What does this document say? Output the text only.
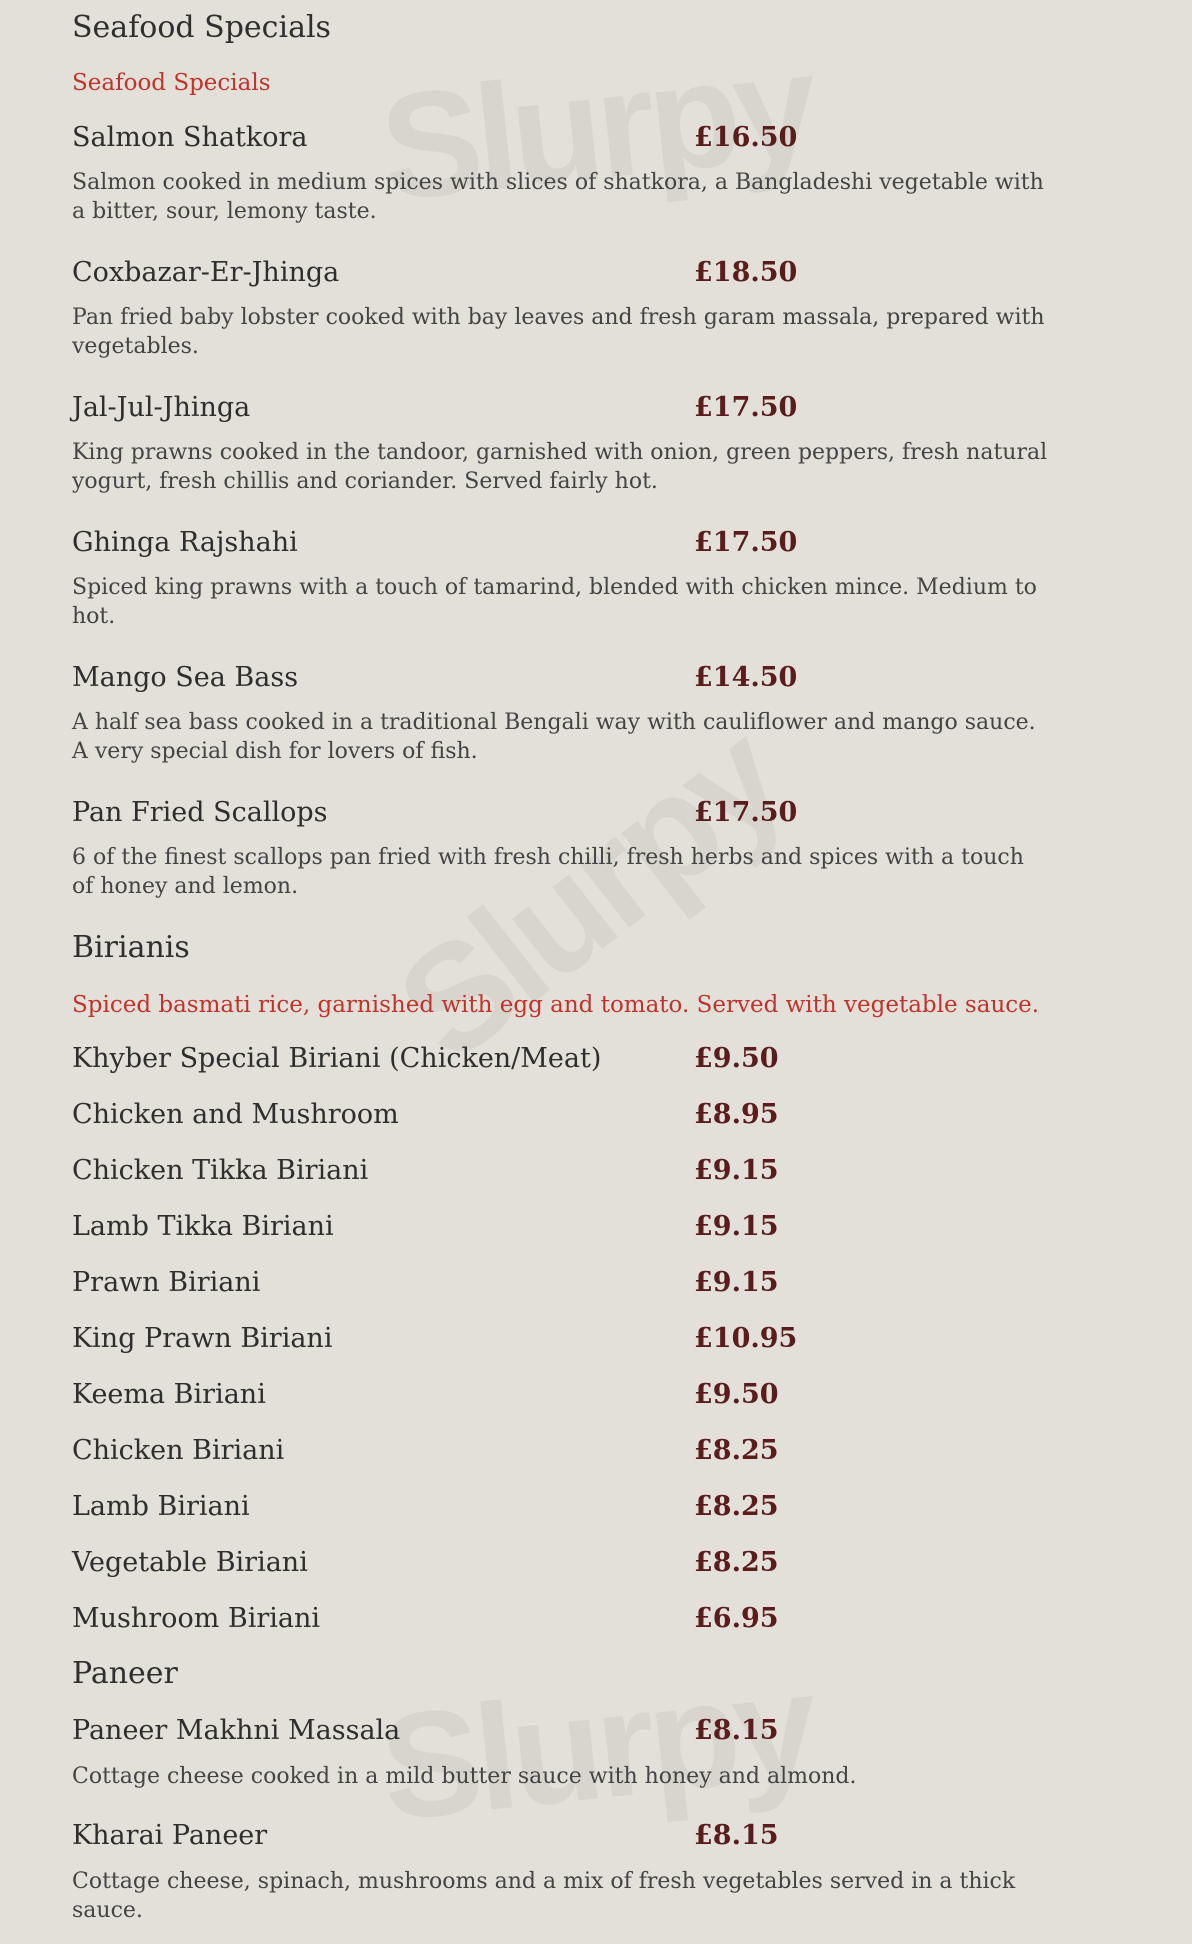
Seafood Specials
Seafood Specials
Salmon Shatkora	£16.50
Salmon cooked in medium spices with slices of shatkora, a Bangladeshi vegetable with a bitter, sour, lemony taste.
Coxbazar-Er-Jhinga	£18.50
Pan fried baby lobster cooked with bay leaves and fresh garam massala, prepared with vegetables.
Jal-Jul-Jhinga	£17.50
King prawns cooked in the tandoor, garnished with onion, green peppers, fresh natural yogurt, fresh chillis and coriander. Served fairly hot.
Ghinga Rajshahi	£17.50
Spiced king prawns with a touch of tamarind, blended with chicken mince. Medium to hot.
Mango Sea Bass	£14.50
A half sea bass cooked in a traditional Bengali way with cauliflower and mango sauce. A very special dish for lovers of fish.
Pan Fried Scallops	£17.50
6 of the finest scallops pan fried with fresh chilli, fresh herbs and spices with a touch of honey and lemon.
Birianis
Spiced basmati rice, garnished with egg and tomato. Served with vegetable sauce.
Khyber Special Biriani (Chicken/Meat)	£9.50
Chicken and Mushroom	£8.95
Chicken Tikka Biriani	£9.15
Lamb Tikka Biriani	£9.15
Prawn Biriani	£9.15
King Prawn Biriani	£10.95
Keema Biriani	£9.50
Chicken Biriani	£8.25
Lamb Biriani	£8.25
Vegetable Biriani	£8.25
Mushroom Biriani	£6.95
Paneer
Paneer Makhni Massala	£8.15
Cottage cheese cooked in a mild butter sauce with honey and almond.
Kharai Paneer	£8.15
Cottage cheese, spinach, mushrooms and a mix of fresh vegetables served in a thick sauce.
